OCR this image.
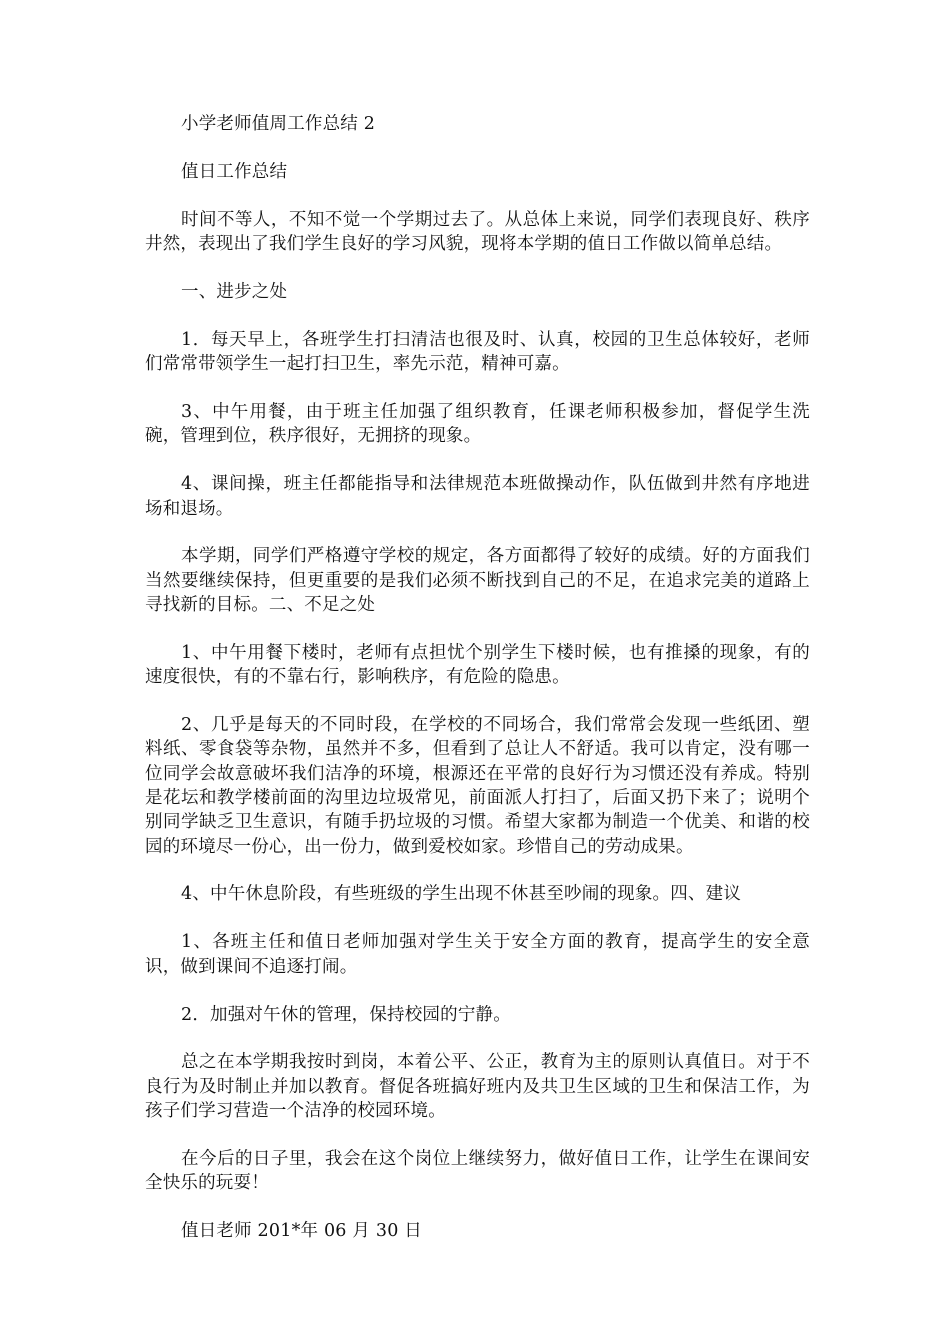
小学老师值周工作总结 2

值日工作总结

时间不等人，不知不觉一个学期过去了。从总体上来说，同学们表现良好、秩序井然，表现出了我们学生良好的学习风貌，现将本学期的值日工作做以简单总结。

一、进步之处

1．每天早上，各班学生打扫清洁也很及时、认真，校园的卫生总体较好，老师们常常带领学生一起打扫卫生，率先示范，精神可嘉。

3、中午用餐，由于班主任加强了组织教育，任课老师积极参加，督促学生洗碗，管理到位，秩序很好，无拥挤的现象。

4、课间操，班主任都能指导和法律规范本班做操动作，队伍做到井然有序地进场和退场。

本学期，同学们严格遵守学校的规定，各方面都得了较好的成绩。好的方面我们当然要继续保持，但更重要的是我们必须不断找到自己的不足，在追求完美的道路上寻找新的目标。二、不足之处

1、中午用餐下楼时，老师有点担忧个别学生下楼时候，也有推搡的现象，有的速度很快，有的不靠右行，影响秩序，有危险的隐患。

2、几乎是每天的不同时段，在学校的不同场合，我们常常会发现一些纸团、塑料纸、零食袋等杂物，虽然并不多，但看到了总让人不舒适。我可以肯定，没有哪一位同学会故意破坏我们洁净的环境，根源还在平常的良好行为习惯还没有养成。特别是花坛和教学楼前面的沟里边垃圾常见，前面派人打扫了，后面又扔下来了；说明个别同学缺乏卫生意识，有随手扔垃圾的习惯。希望大家都为制造一个优美、和谐的校园的环境尽一份心，出一份力，做到爱校如家。珍惜自己的劳动成果。

4、中午休息阶段，有些班级的学生出现不休甚至吵闹的现象。四、建议

1、各班主任和值日老师加强对学生关于安全方面的教育，提高学生的安全意识，做到课间不追逐打闹。

2．加强对午休的管理，保持校园的宁静。

总之在本学期我按时到岗，本着公平、公正，教育为主的原则认真值日。对于不良行为及时制止并加以教育。督促各班搞好班内及共卫生区域的卫生和保洁工作，为孩子们学习营造一个洁净的校园环境。

在今后的日子里，我会在这个岗位上继续努力，做好值日工作，让学生在课间安全快乐的玩耍！

值日老师 201*年 06 月 30 日
